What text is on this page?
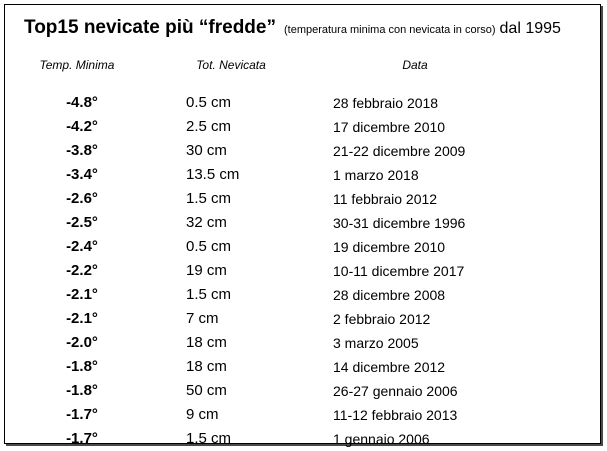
Top15 nevicate più “fredde” (temperatura minima con nevicata in corso) dal 1995
Temp. Minima	Tot. Nevicata	Data
-4.8°	0.5 cm	28 febbraio 2018
-4.2°	2.5 cm	17 dicembre 2010
-3.8°	30 cm	21-22 dicembre 2009
-3.4°	13.5 cm	1 marzo 2018
-2.6°	1.5 cm	11 febbraio 2012
-2.5°	32 cm	30-31 dicembre 1996
-2.4°	0.5 cm	19 dicembre 2010
-2.2°	19 cm	10-11 dicembre 2017
-2.1°	1.5 cm	28 dicembre 2008
-2.1°	7 cm	2 febbraio 2012
-2.0°	18 cm	3 marzo 2005
-1.8°	18 cm	14 dicembre 2012
-1.8°	50 cm	26-27 gennaio 2006
-1.7°	9 cm	11-12 febbraio 2013
-1.7°	1.5 cm	1 gennaio 2006
